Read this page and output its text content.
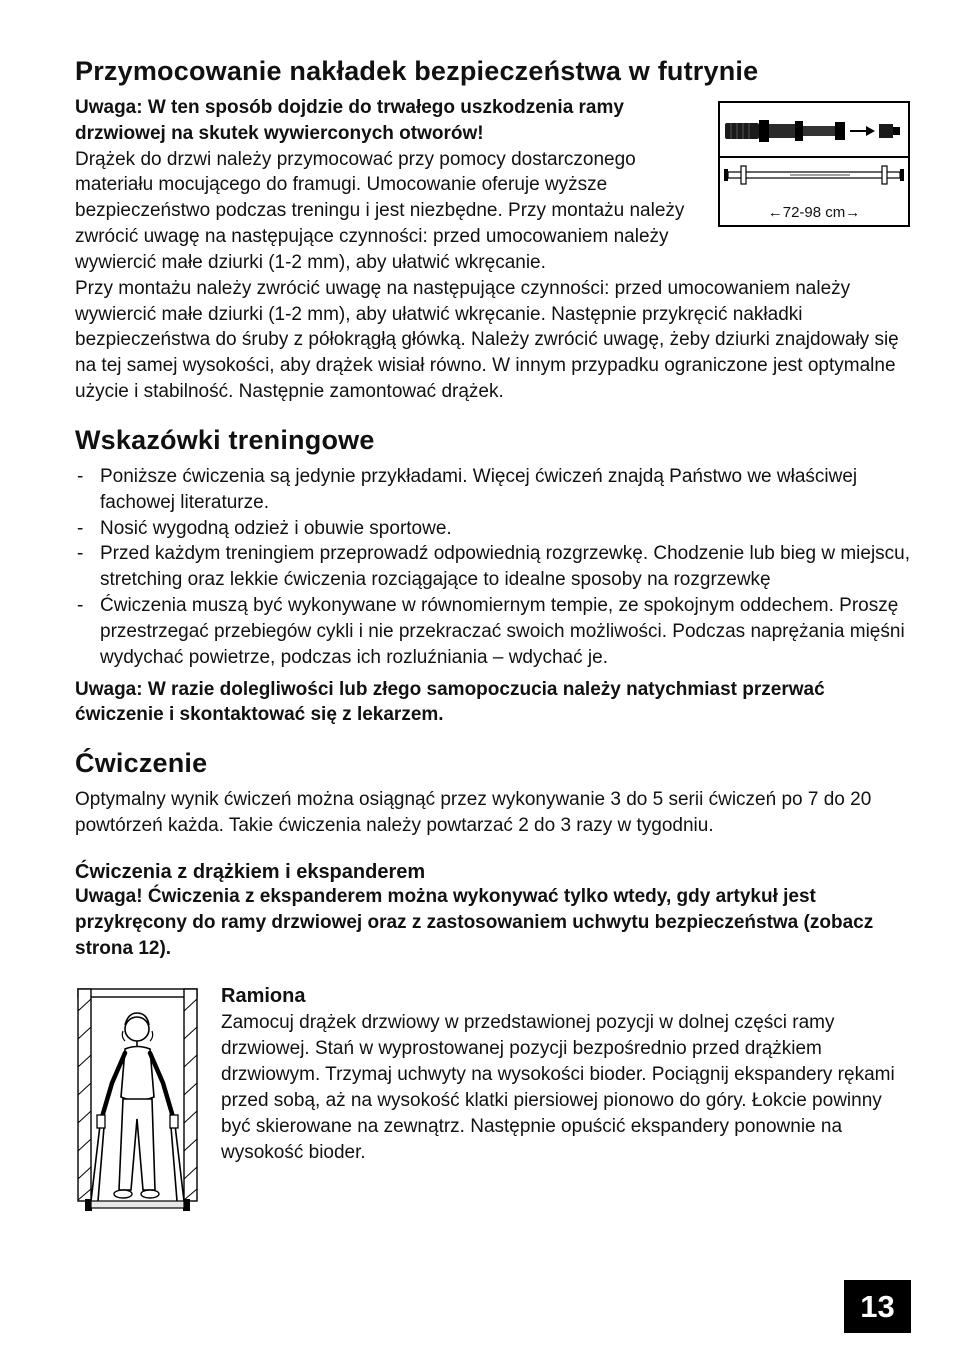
Przymocowanie nakładek bezpieczeństwa w futrynie
←72-98 cm→

Uwaga: W ten sposób dojdzie do trwałego uszkodzenia ramy drzwiowej na skutek wywierconych otworów!

Drążek do drzwi należy przymocować przy pomocy dostarczonego materiału mocującego do framugi. Umocowanie oferuje wyższe bezpieczeństwo podczas treningu i jest niezbędne. Przy montażu należy zwrócić uwagę na następujące czynności: przed umocowaniem należy wywiercić małe dziurki (1-2 mm), aby ułatwić wkręcanie.

Przy montażu należy zwrócić uwagę na następujące czynności: przed umocowaniem należy wywiercić małe dziurki (1-2 mm), aby ułatwić wkręcanie. Następnie przykręcić nakładki bezpieczeństwa do śruby z półokrągłą główką. Należy zwrócić uwagę, żeby dziurki znajdowały się na tej samej wysokości, aby drążek wisiał równo. W innym przypadku ograniczone jest optymalne użycie i stabilność. Następnie zamontować drążek.

Wskazówki treningowe
- Poniższe ćwiczenia są jedynie przykładami. Więcej ćwiczeń znajdą Państwo we właściwej fachowej literaturze.
- Nosić wygodną odzież i obuwie sportowe.
- Przed każdym treningiem przeprowadź odpowiednią rozgrzewkę. Chodzenie lub bieg w miejscu, stretching oraz lekkie ćwiczenia rozciągające to idealne sposoby na rozgrzewkę
- Ćwiczenia muszą być wykonywane w równomiernym tempie, ze spokojnym oddechem. Proszę przestrzegać przebiegów cykli i nie przekraczać swoich możliwości. Podczas naprężania mięśni wydychać powietrze, podczas ich rozluźniania – wdychać je.

Uwaga: W razie dolegliwości lub złego samopoczucia należy natychmiast przerwać ćwiczenie i skontaktować się z lekarzem.

Ćwiczenie

Optymalny wynik ćwiczeń można osiągnąć przez wykonywanie 3 do 5 serii ćwiczeń po 7 do 20 powtórzeń każda. Takie ćwiczenia należy powtarzać 2 do 3 razy w tygodniu.

Ćwiczenia z drążkiem i ekspanderem

Uwaga! Ćwiczenia z ekspanderem można wykonywać tylko wtedy, gdy artykuł jest przykręcony do ramy drzwiowej oraz z zastosowaniem uchwytu bezpieczeństwa (zobacz strona 12).

Ramiona

Zamocuj drążek drzwiowy w przedstawionej pozycji w dolnej części ramy drzwiowej. Stań w wyprostowanej pozycji bezpośrednio przed drążkiem drzwiowym. Trzymaj uchwyty na wysokości bioder. Pociągnij ekspandery rękami przed sobą, aż na wysokość klatki piersiowej pionowo do góry. Łokcie powinny być skierowane na zewnątrz. Następnie opuścić ekspandery ponownie na wysokość bioder.

13
